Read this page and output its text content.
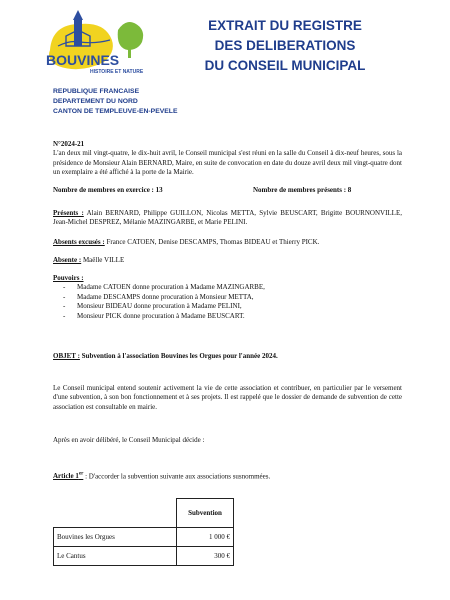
BOUVINES
HISTOIRE ET NATURE
EXTRAIT DU REGISTRE
DES DELIBERATIONS
DU CONSEIL MUNICIPAL
REPUBLIQUE FRANCAISE
DEPARTEMENT DU NORD
CANTON DE TEMPLEUVE-EN-PEVELE

N°2024-21

L'an deux mil vingt-quatre, le dix-huit avril, le Conseil municipal s'est réuni en la salle du Conseil à dix-neuf heures, sous la présidence de Monsieur Alain BERNARD, Maire, en suite de convocation en date du douze avril deux mil vingt-quatre dont un exemplaire a été affiché à la porte de la Mairie.

Nombre de membres en exercice : 13	Nombre de membres présents : 8

Présents : Alain BERNARD, Philippe GUILLON, Nicolas METTA, Sylvie BEUSCART, Brigitte BOURNONVILLE, Jean-Michel DESPREZ, Mélanie MAZINGARBE, et Marie PELINI.

Absents excusés : France CATOEN, Denise DESCAMPS, Thomas BIDEAU et Thierry PICK.

Absente : Maëlle VILLE

Pouvoirs :

- Madame CATOEN donne procuration à Madame MAZINGARBE,
- Madame DESCAMPS donne procuration à Monsieur METTA,
- Monsieur BIDEAU donne procuration à Madame PELINI,
- Monsieur PICK donne procuration à Madame BEUSCART.

OBJET : Subvention à l'association Bouvines les Orgues pour l'année 2024.

Le Conseil municipal entend soutenir activement la vie de cette association et contribuer, en particulier par le versement d'une subvention, à son bon fonctionnement et à ses projets. Il est rappelé que le dossier de demande de subvention de cette association est consultable en mairie.

Après en avoir délibéré, le Conseil Municipal décide :

Article 1er : D'accorder la subvention suivante aux associations susnommées.

	Subvention
Bouvines les Orgues	1 000 €
Le Cantus	300 €
